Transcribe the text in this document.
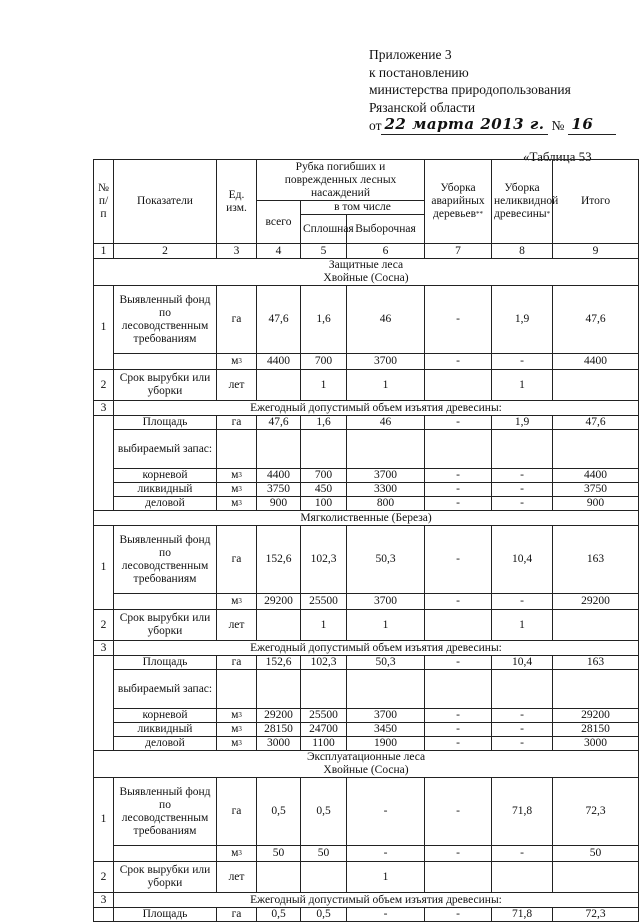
Приложение 3
к постановлению
министерства природопользования
Рязанской области
от 22 марта 2013 г. № 16
«Таблица 53
№ п/п	Показатели	Ед. изм.	Рубка погибших и поврежденных лесных насаждений			Уборка аварийных деревьев**	Уборка неликвидной древесины*	Итого
			всего	в том числе				
				Сплошная	Выборочная			
1	2	3	4	5	6	7	8	9

Защитные леса
Хвойные (Сосна)								

1	Выявленный фонд по лесоводственным требованиям	га	47,6	1,6	46	-	1,9	47,6
		$м^3$	4400	700	3700	-	-	4400
2	Срок вырубки или уборки	лет		1	1		1	
3	Ежегодный допустимый объем изъятия древесины:							
	Площадь	га	47,6	1,6	46	-	1,9	47,6
	выбираемый запас:							
	корневой	$м^3$	4400	700	3700	-	-	4400
	ликвидный	$м^3$	3750	450	3300	-	-	3750
	деловой	$м^3$	900	100	800	-	-	900
Мягколиственные (Береза)								
1	Выявленный фонд по лесоводственным требованиям	га	152,6	102,3	50,3	-	10,4	163
		$м^3$	29200	25500	3700	-	-	29200
2	Срок вырубки или уборки	лет		1	1		1	
3	Ежегодный допустимый объем изъятия древесины:							
	Площадь	га	152,6	102,3	50,3	-	10,4	163
	выбираемый запас:							
	корневой	$м^3$	29200	25500	3700	-	-	29200
	ликвидный	$м^3$	28150	24700	3450	-	-	28150
	деловой	$м^3$	3000	1100	1900	-	-	3000

Эксплуатационные леса
Хвойные (Сосна)								

1	Выявленный фонд по лесоводственным требованиям	га	0,5	0,5	-	-	71,8	72,3
		$м^3$	50	50	-	-	-	50
2	Срок вырубки или уборки	лет			1			
3	Ежегодный допустимый объем изъятия древесины:							
	Площадь	га	0,5	0,5	-	-	71,8	72,3
